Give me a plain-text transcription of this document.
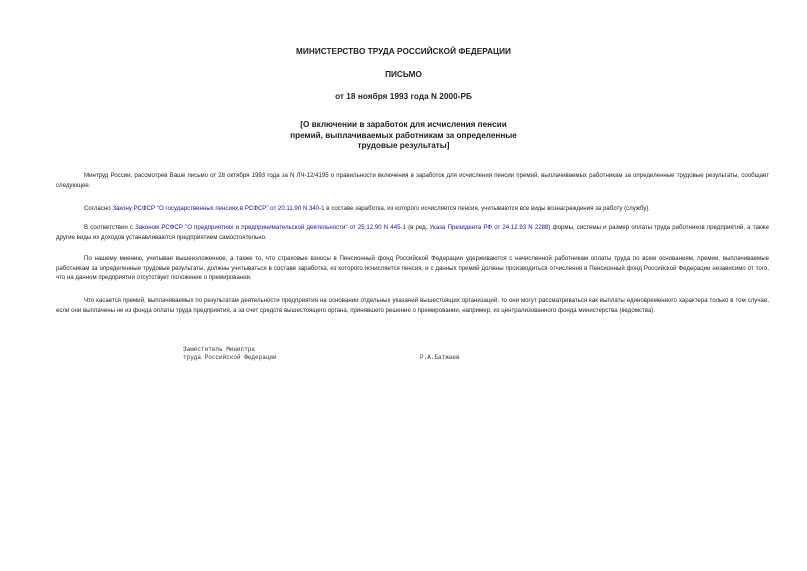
МИНИСТЕРСТВО ТРУДА РОССИЙСКОЙ ФЕДЕРАЦИИ
ПИСЬМО
от 18 ноября 1993 года N 2000-РБ
[О включении в заработок для исчисления пенсии
премий, выплачиваемых работникам за определенные
трудовые результаты]

Минтруд России, рассмотрев Ваше письмо от 28 октября 1993 года за N ЛЧ-12/4195 о правильности включения в заработок для исчисления пенсии премий, выплачиваемых работникам за определенные трудовые результаты, сообщает следующее.

Согласно Закону РСФСР "О государственных пенсиях в РСФСР" от 20.11.90 N 340-1 в составе заработка, из которого исчисляется пенсия, учитываются все виды вознаграждения за работу (службу).

В соответствии с Законом РСФСР "О предприятиях и предпринимательской деятельности" от 25.12.90 N 445-1 (в ред. Указа Президента РФ от 24.12.93 N 2288) формы, системы и размер оплаты труда работников предприятий, а также другие виды их доходов устанавливаются предприятием самостоятельно.

По нашему мнению, учитывая вышеизложенное, а также то, что страховые взносы в Пенсионный фонд Российской Федерации удерживаются с начисленной работникам оплаты труда по всем основаниям, премии, выплачиваемые работникам за определенные трудовые результаты, должны учитываться в составе заработка, из которого исчисляется пенсия, и с данных премий должны производиться отчисления в Пенсионный фонд Российской Федерации независимо от того, что на данном предприятии отсутствует положение о премировании.

Что касается премий, выплачиваемых по результатам деятельности предприятия на основании отдельных указаний вышестоящих организаций, то они могут рассматриваться как выплаты единовременного характера только в том случае, если они выплачены не из фонда оплаты труда предприятия, а за счет средств вышестоящего органа, принявшего решение о премировании, например, из централизованного фонда министерства (ведомства).

Заместитель Министра
труда Российской Федерации	Р.А.Батжаев
